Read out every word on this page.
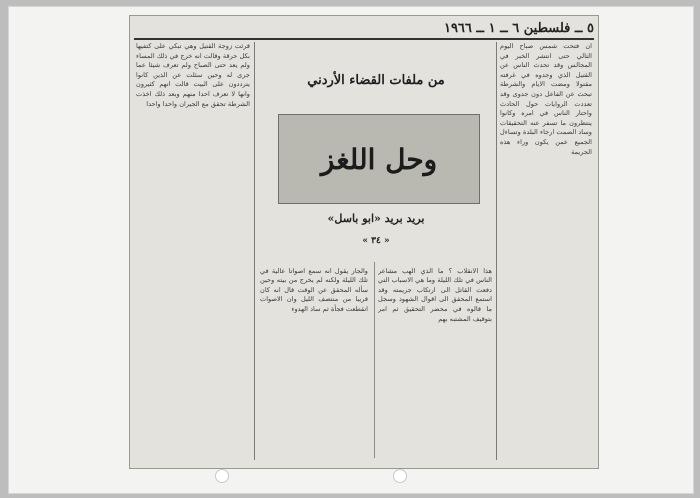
٥ ــ فلسطين ٦ ــ ١ ــ ١٩٦٦

ان فتحت شمس صباح اليوم التالي حتى انتشر الخبر في المجالس وقد تحدث الناس عن القتيل الذي وجدوه في غرفته مقتولا ومضت الايام والشرطة تبحث عن الفاعل دون جدوى وقد تعددت الروايات حول الحادث واحتار الناس في امره وكانوا ينتظرون ما تسفر عنه التحقيقات وساد الصمت ارجاء البلدة وتساءل الجميع عمن يكون وراء هذه الجريمة

من ملفات القضاء الأردني
وحل اللغز
بريد بريد «ابو باسل»
« ٣٤ »

هذا الانقلاب ؟ ما الذي الهب مشاعر الناس في تلك الليلة وما هي الاسباب التي دفعت القاتل الى ارتكاب جريمته وقد استمع المحقق الى اقوال الشهود وسجل ما قالوه في محضر التحقيق ثم امر بتوقيف المشتبه بهم

والجار يقول انه سمع اصواتا عالية في تلك الليلة ولكنه لم يخرج من بيته وحين سأله المحقق عن الوقت قال انه كان قريبا من منتصف الليل وان الاصوات انقطعت فجأة ثم ساد الهدوء

قرئت زوجة القتيل وهي تبكي على كتفيها بكل حرقة وقالت انه خرج في ذلك المساء ولم يعد حتى الصباح ولم تعرف شيئا عما جرى له وحين سئلت عن الذين كانوا يترددون على البيت قالت انهم كثيرون وانها لا تعرف احدا منهم وبعد ذلك اخذت الشرطة تحقق مع الجيران واحدا واحدا
